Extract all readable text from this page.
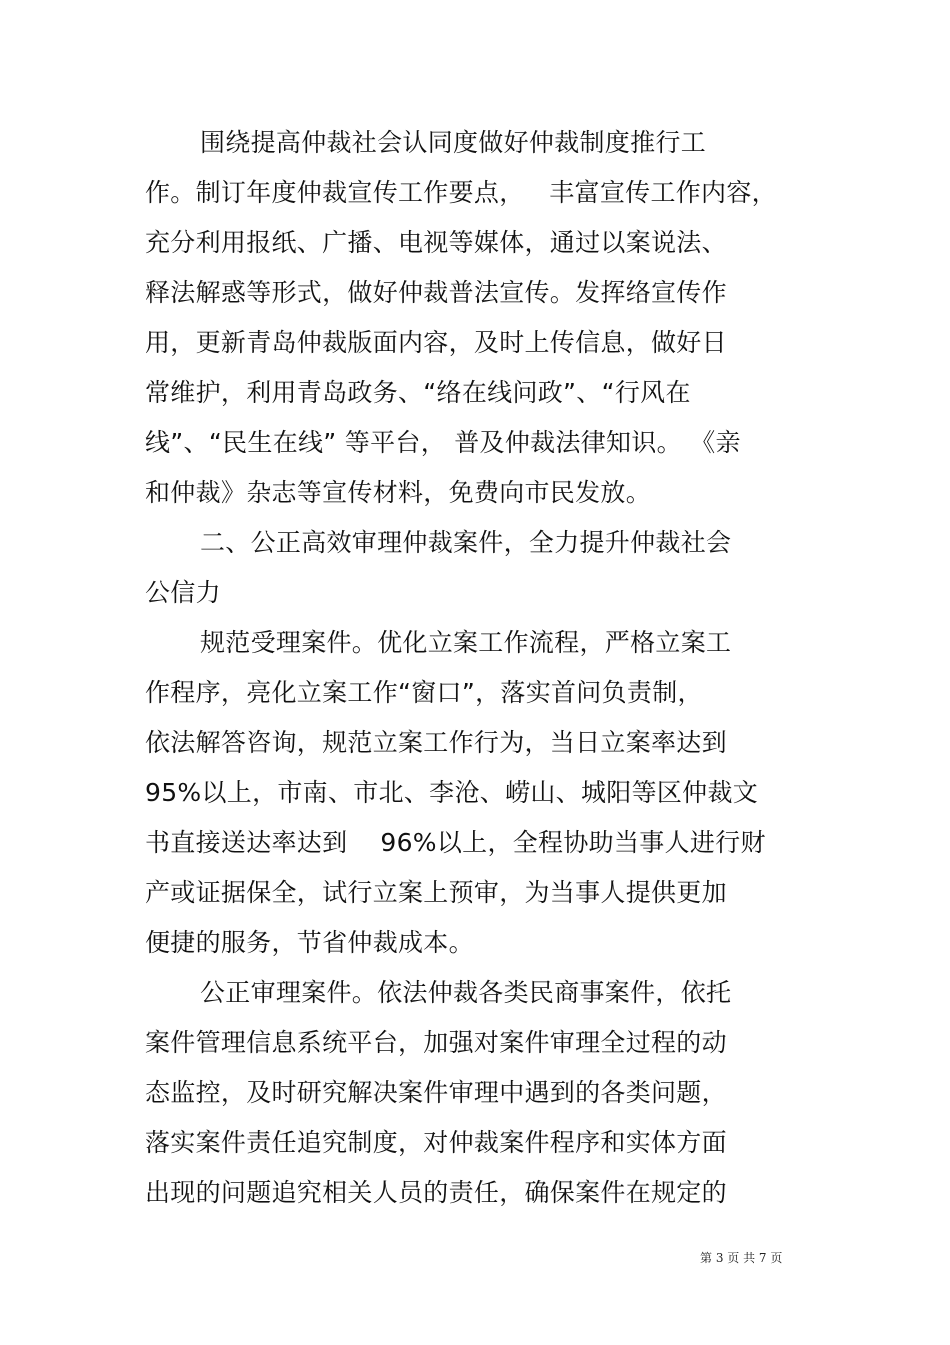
围绕提高仲裁社会认同度做好仲裁制度推行工
作。制订年度仲裁宣传工作要点，   丰富宣传工作内容，
充分利用报纸、广播、电视等媒体，通过以案说法、
释法解惑等形式，做好仲裁普法宣传。发挥络宣传作
用，更新青岛仲裁版面内容，及时上传信息，做好日
常维护，利用青岛政务、“络在线问政”、“行风在
线”、“民生在线” 等平台， 普及仲裁法律知识。 《亲
和仲裁》杂志等宣传材料，免费向市民发放。
二、公正高效审理仲裁案件，全力提升仲裁社会
公信力
规范受理案件。优化立案工作流程，严格立案工
作程序，亮化立案工作“窗口”，落实首问负责制，
依法解答咨询，规范立案工作行为，当日立案率达到
95%以上，市南、市北、李沧、崂山、城阳等区仲裁文
书直接送达率达到    96%以上，全程协助当事人进行财
产或证据保全，试行立案上预审，为当事人提供更加
便捷的服务，节省仲裁成本。
公正审理案件。依法仲裁各类民商事案件，依托
案件管理信息系统平台，加强对案件审理全过程的动
态监控，及时研究解决案件审理中遇到的各类问题，
落实案件责任追究制度，对仲裁案件程序和实体方面
出现的问题追究相关人员的责任，确保案件在规定的
第 3 页 共 7 页
